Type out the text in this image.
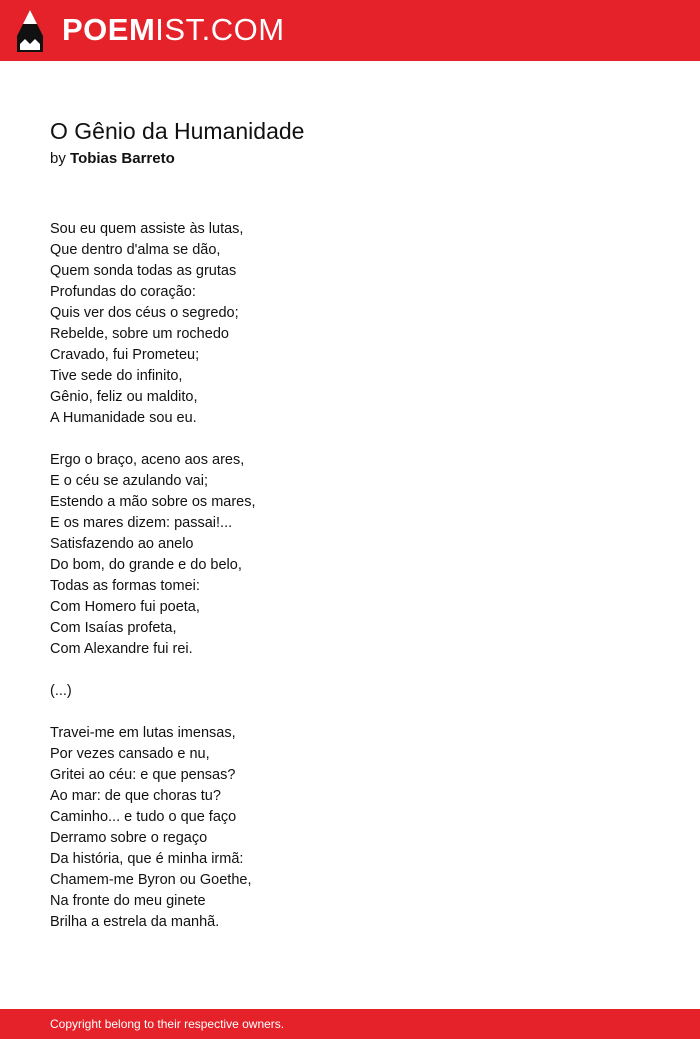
POEMIST.COM
O Gênio da Humanidade
by Tobias Barreto
Sou eu quem assiste às lutas,
Que dentro d'alma se dão,
Quem sonda todas as grutas
Profundas do coração:
Quis ver dos céus o segredo;
Rebelde, sobre um rochedo
Cravado, fui Prometeu;
Tive sede do infinito,
Gênio, feliz ou maldito,
A Humanidade sou eu.
Ergo o braço, aceno aos ares,
E o céu se azulando vai;
Estendo a mão sobre os mares,
E os mares dizem: passai!...
Satisfazendo ao anelo
Do bom, do grande e do belo,
Todas as formas tomei:
Com Homero fui poeta,
Com Isaías profeta,
Com Alexandre fui rei.
(...)
Travei-me em lutas imensas,
Por vezes cansado e nu,
Gritei ao céu: e que pensas?
Ao mar: de que choras tu?
Caminho... e tudo o que faço
Derramo sobre o regaço
Da história, que é minha irmã:
Chamem-me Byron ou Goethe,
Na fronte do meu ginete
Brilha a estrela da manhã.
Copyright belong to their respective owners.
